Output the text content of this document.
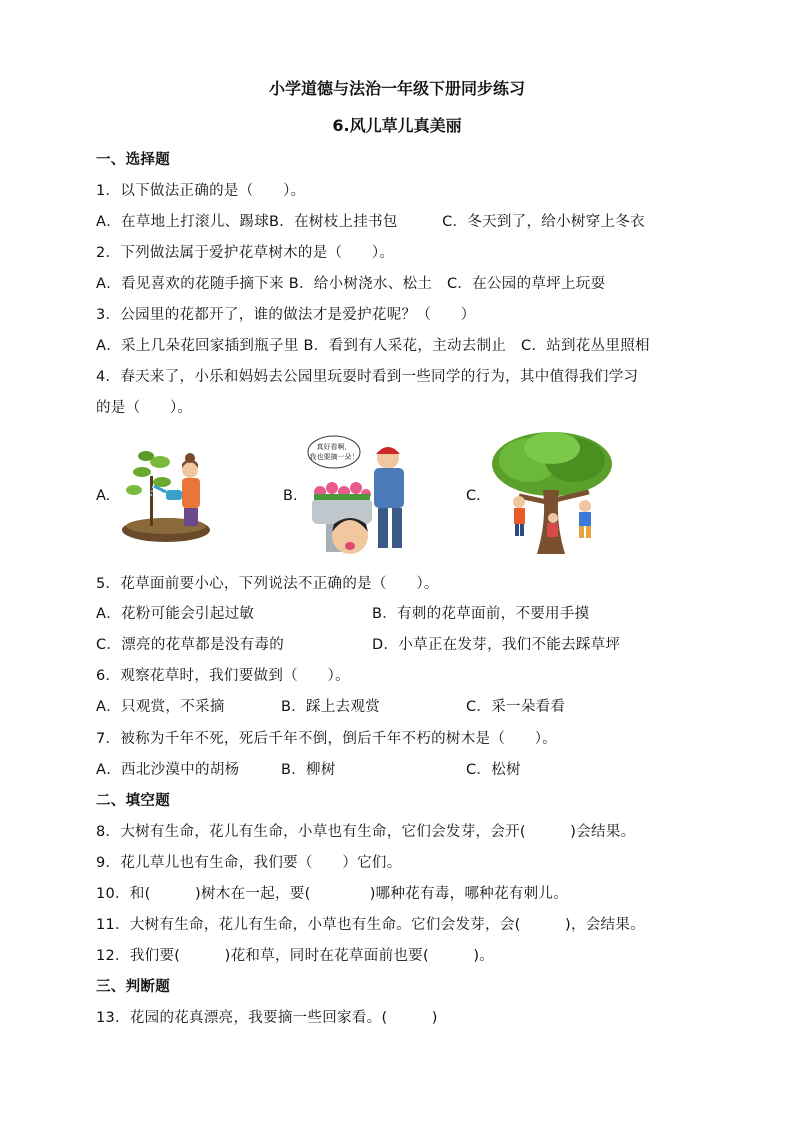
小学道德与法治一年级下册同步练习
6.风儿草儿真美丽
一、选择题
1．以下做法正确的是（　　）。
A．在草地上打滚儿、踢球B．在树枝上挂书包　　　C．冬天到了，给小树穿上冬衣
2．下列做法属于爱护花草树木的是（　　）。
A．看见喜欢的花随手摘下来 B．给小树浇水、松土　C．在公园的草坪上玩耍
3．公园里的花都开了，谁的做法才是爱护花呢？（　　）
A．采上几朵花回家插到瓶子里 B．看到有人采花，主动去制止　C．站到花丛里照相
4．春天来了，小乐和妈妈去公园里玩耍时看到一些同学的行为，其中值得我们学习
的是（　　）。
A.	B.
真好看啊，
我也要摘一朵！
C.
5．花草面前要小心，下列说法不正确的是（　　）。
A．花粉可能会引起过敏	B．有刺的花草面前，不要用手摸
C．漂亮的花草都是没有毒的	D．小草正在发芽，我们不能去踩草坪
6．观察花草时，我们要做到（　　）。
A．只观赏，不采摘	B．踩上去观赏	C．采一朵看看
7．被称为千年不死，死后千年不倒，倒后千年不朽的树木是（　　）。
A．西北沙漠中的胡杨	B．柳树	C．松树
二、填空题
8．大树有生命，花儿有生命，小草也有生命，它们会发芽，会开(　　　)会结果。
9．花儿草儿也有生命，我们要（　　）它们。
10．和(　　　)树木在一起，要(　　　　)哪种花有毒，哪种花有刺儿。
11．大树有生命，花儿有生命，小草也有生命。它们会发芽，会(　　　)，会结果。
12．我们要(　　　)花和草，同时在花草面前也要(　　　)。
三、判断题
13．花园的花真漂亮，我要摘一些回家看。(　　　)
